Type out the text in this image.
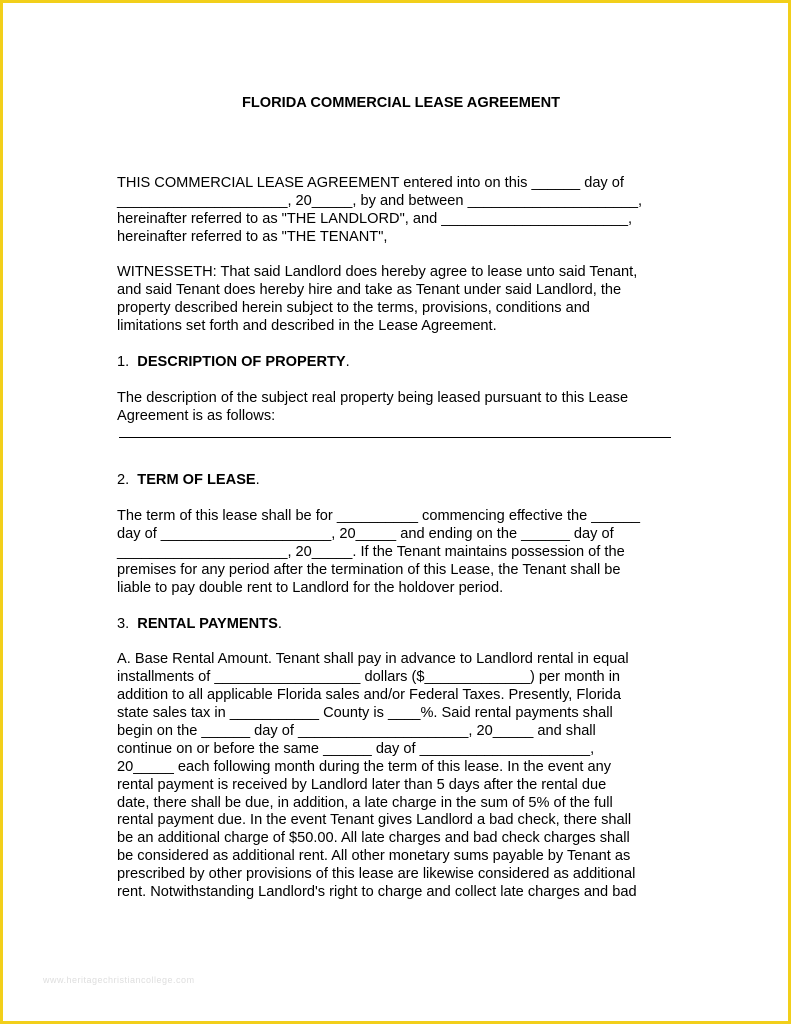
FLORIDA COMMERCIAL LEASE AGREEMENT
THIS COMMERCIAL LEASE AGREEMENT entered into on this ______ day of
_____________________, 20_____, by and between _____________________,
hereinafter referred to as "THE LANDLORD", and _______________________,
hereinafter referred to as "THE TENANT",
WITNESSETH: That said Landlord does hereby agree to lease unto said Tenant,
and said Tenant does hereby hire and take as Tenant under said Landlord, the
property described herein subject to the terms, provisions, conditions and
limitations set forth and described in the Lease Agreement.
1. DESCRIPTION OF PROPERTY.
The description of the subject real property being leased pursuant to this Lease
Agreement is as follows:
2. TERM OF LEASE.
The term of this lease shall be for __________ commencing effective the ______
day of _____________________, 20_____ and ending on the ______ day of
_____________________, 20_____. If the Tenant maintains possession of the
premises for any period after the termination of this Lease, the Tenant shall be
liable to pay double rent to Landlord for the holdover period.
3. RENTAL PAYMENTS.
A. Base Rental Amount. Tenant shall pay in advance to Landlord rental in equal
installments of __________________ dollars ($_____________) per month in
addition to all applicable Florida sales and/or Federal Taxes. Presently, Florida
state sales tax in ___________ County is ____%. Said rental payments shall
begin on the ______ day of _____________________, 20_____ and shall
continue on or before the same ______ day of _____________________,
20_____ each following month during the term of this lease. In the event any
rental payment is received by Landlord later than 5 days after the rental due
date, there shall be due, in addition, a late charge in the sum of 5% of the full
rental payment due. In the event Tenant gives Landlord a bad check, there shall
be an additional charge of $50.00. All late charges and bad check charges shall
be considered as additional rent. All other monetary sums payable by Tenant as
prescribed by other provisions of this lease are likewise considered as additional
rent. Notwithstanding Landlord's right to charge and collect late charges and bad
www.heritagechristiancollege.com
